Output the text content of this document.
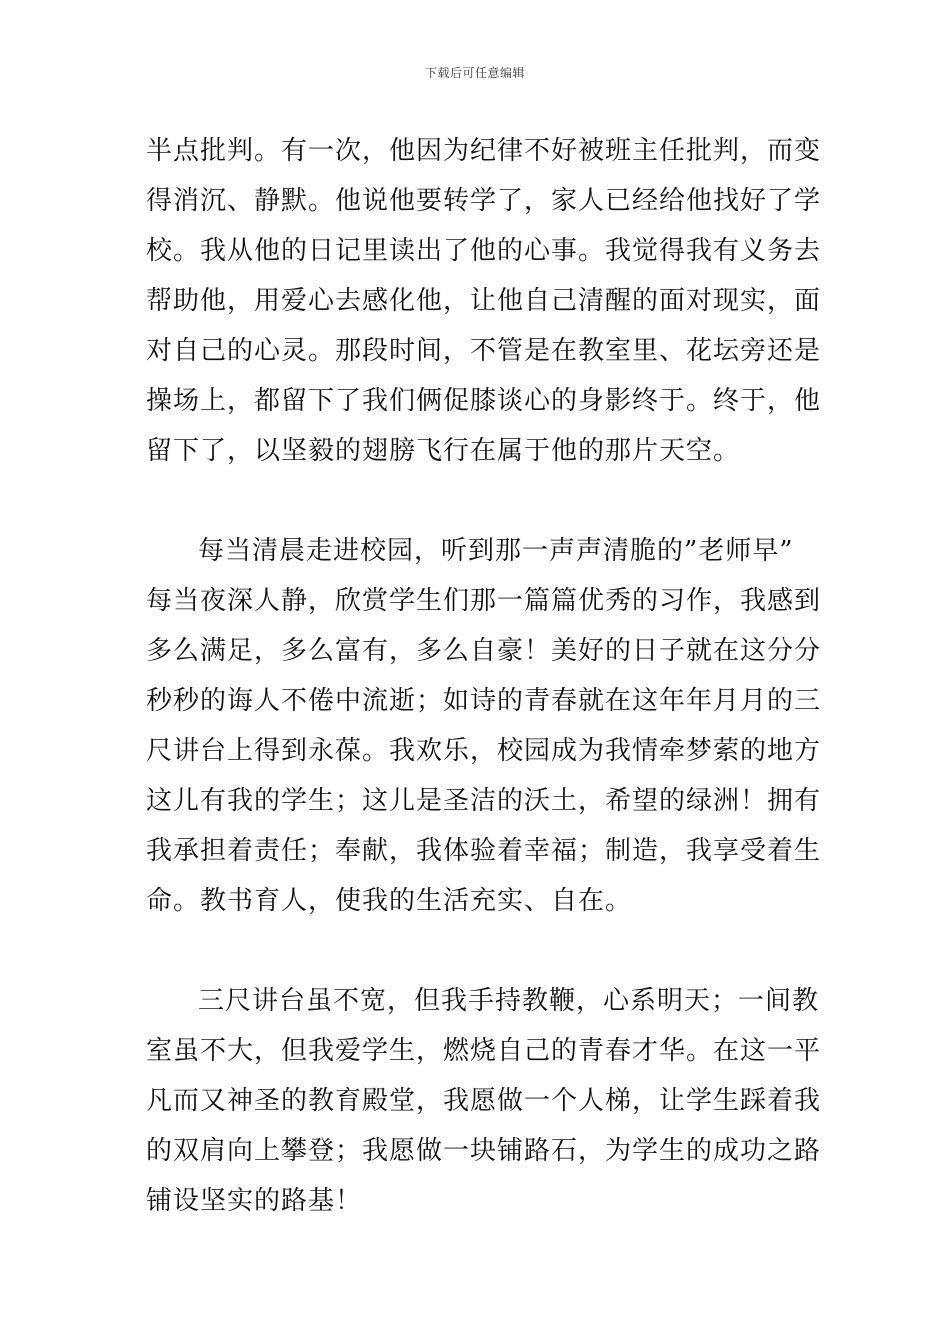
下载后可任意编辑

半点批判。有一次，他因为纪律不好被班主任批判，而变
得消沉、静默。他说他要转学了，家人已经给他找好了学
校。我从他的日记里读出了他的心事。我觉得我有义务去
帮助他，用爱心去感化他，让他自己清醒的面对现实，面
对自己的心灵。那段时间，不管是在教室里、花坛旁还是
操场上，都留下了我们俩促膝谈心的身影终于。终于，他
留下了，以坚毅的翅膀飞行在属于他的那片天空。

每当清晨走进校园，听到那一声声清脆的”老师早”
每当夜深人静，欣赏学生们那一篇篇优秀的习作，我感到
多么满足，多么富有，多么自豪！美好的日子就在这分分
秒秒的诲人不倦中流逝；如诗的青春就在这年年月月的三
尺讲台上得到永葆。我欢乐，校园成为我情牵梦萦的地方
这儿有我的学生；这儿是圣洁的沃土，希望的绿洲！拥有
我承担着责任；奉献，我体验着幸福；制造，我享受着生
命。教书育人，使我的生活充实、自在。

三尺讲台虽不宽，但我手持教鞭，心系明天；一间教
室虽不大，但我爱学生，燃烧自己的青春才华。在这一平
凡而又神圣的教育殿堂，我愿做一个人梯，让学生踩着我
的双肩向上攀登；我愿做一块铺路石，为学生的成功之路
铺设坚实的路基！
